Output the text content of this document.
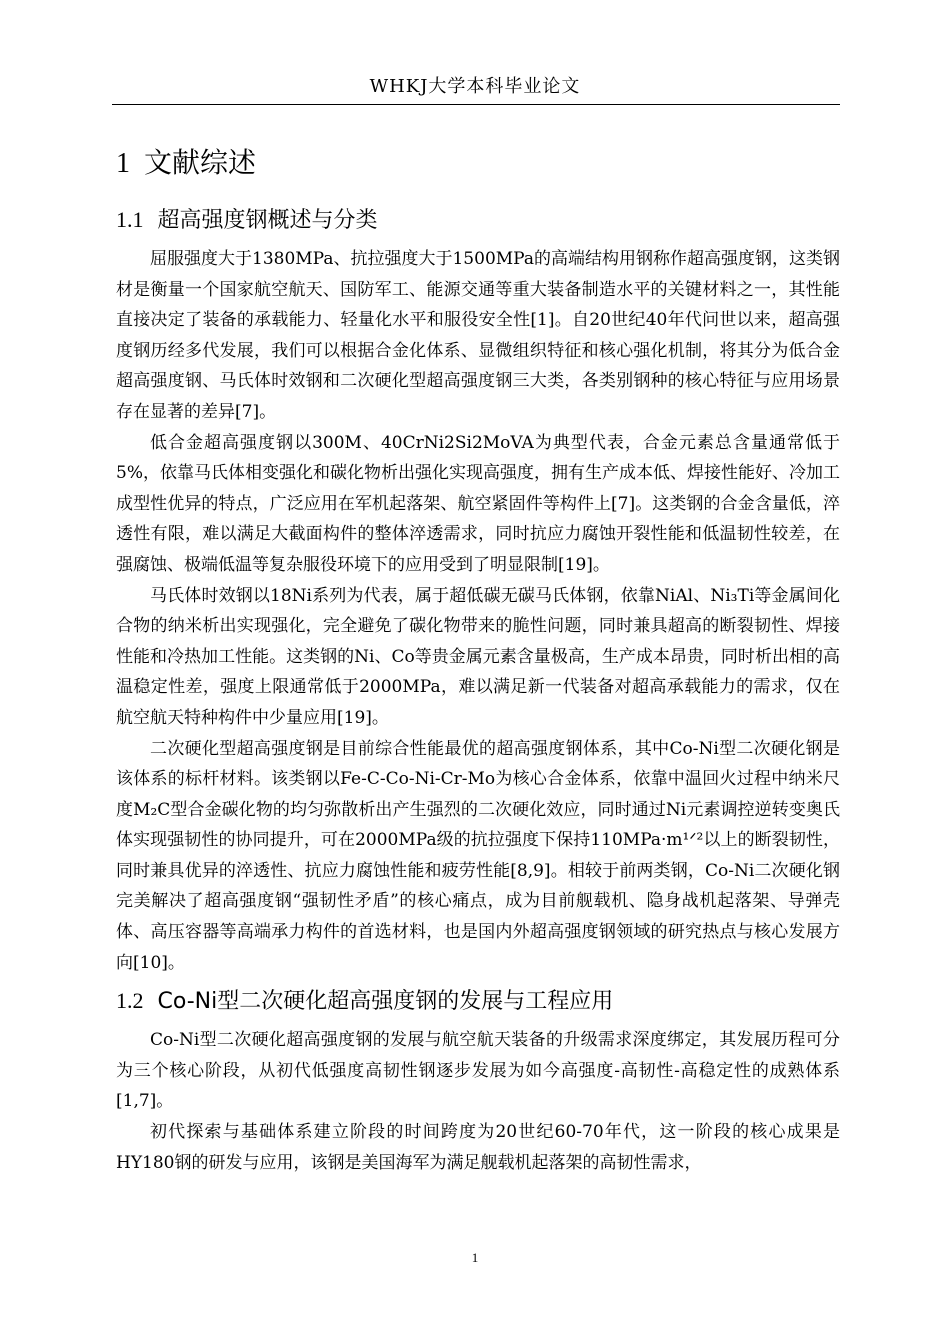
WHKJ大学本科毕业论文
1 文献综述
1.1 超高强度钢概述与分类

屈服强度大于1380MPa、抗拉强度大于1500MPa的高端结构用钢称作超高强度钢，这类钢材是衡量一个国家航空航天、国防军工、能源交通等重大装备制造水平的关键材料之一，其性能直接决定了装备的承载能力、轻量化水平和服役安全性[1]。自20世纪40年代问世以来，超高强度钢历经多代发展，我们可以根据合金化体系、显微组织特征和核心强化机制，将其分为低合金超高强度钢、马氏体时效钢和二次硬化型超高强度钢三大类，各类别钢种的核心特征与应用场景存在显著的差异[7]。

低合金超高强度钢以300M、40CrNi2Si2MoVA为典型代表，合金元素总含量通常低于5%，依靠马氏体相变强化和碳化物析出强化实现高强度，拥有生产成本低、焊接性能好、冷加工成型性优异的特点，广泛应用在军机起落架、航空紧固件等构件上[7]。这类钢的合金含量低，淬透性有限，难以满足大截面构件的整体淬透需求，同时抗应力腐蚀开裂性能和低温韧性较差，在强腐蚀、极端低温等复杂服役环境下的应用受到了明显限制[19]。

马氏体时效钢以18Ni系列为代表，属于超低碳无碳马氏体钢，依靠NiAl、Ni₃Ti等金属间化合物的纳米析出实现强化，完全避免了碳化物带来的脆性问题，同时兼具超高的断裂韧性、焊接性能和冷热加工性能。这类钢的Ni、Co等贵金属元素含量极高，生产成本昂贵，同时析出相的高温稳定性差，强度上限通常低于2000MPa，难以满足新一代装备对超高承载能力的需求，仅在航空航天特种构件中少量应用[19]。

二次硬化型超高强度钢是目前综合性能最优的超高强度钢体系，其中Co-Ni型二次硬化钢是该体系的标杆材料。该类钢以Fe-C-Co-Ni-Cr-Mo为核心合金体系，依靠中温回火过程中纳米尺度M₂C型合金碳化物的均匀弥散析出产生强烈的二次硬化效应，同时通过Ni元素调控逆转变奥氏体实现强韧性的协同提升，可在2000MPa级的抗拉强度下保持110MPa·m¹ᐟ²以上的断裂韧性，同时兼具优异的淬透性、抗应力腐蚀性能和疲劳性能[8,9]。相较于前两类钢，Co-Ni二次硬化钢完美解决了超高强度钢“强韧性矛盾”的核心痛点，成为目前舰载机、隐身战机起落架、导弹壳体、高压容器等高端承力构件的首选材料，也是国内外超高强度钢领域的研究热点与核心发展方向[10]。

1.2 Co-Ni型二次硬化超高强度钢的发展与工程应用

Co-Ni型二次硬化超高强度钢的发展与航空航天装备的升级需求深度绑定，其发展历程可分为三个核心阶段，从初代低强度高韧性钢逐步发展为如今高强度-高韧性-高稳定性的成熟体系[1,7]。

初代探索与基础体系建立阶段的时间跨度为20世纪60-70年代，这一阶段的核心成果是HY180钢的研发与应用，该钢是美国海军为满足舰载机起落架的高韧性需求，

1
